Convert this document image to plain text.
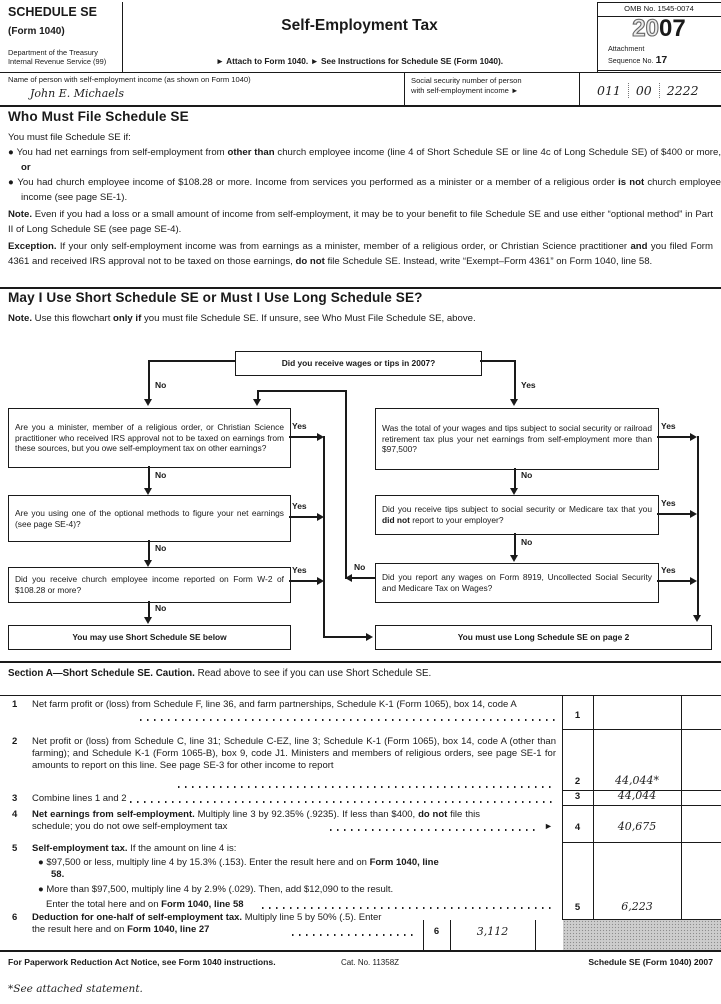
SCHEDULE SE
(Form 1040)
Department of the Treasury
Internal Revenue Service (99)
Self-Employment Tax
► Attach to Form 1040. ► See Instructions for Schedule SE (Form 1040).
OMB No. 1545-0074
2007
Attachment
Sequence No. 17
Name of person with self-employment income (as shown on Form 1040)
John E. Michaels
Social security number of person
with self-employment income ►	011	00	2222
Who Must File Schedule SE
You must file Schedule SE if:
● You had net earnings from self-employment from other than church employee income (line 4 of Short Schedule SE or line 4c of Long Schedule SE) of $400 or more, or
● You had church employee income of $108.28 or more. Income from services you performed as a minister or a member of a religious order is not church employee income (see page SE-1).
Note. Even if you had a loss or a small amount of income from self-employment, it may be to your benefit to file Schedule SE and use either “optional method” in Part II of Long Schedule SE (see page SE-4).
Exception. If your only self-employment income was from earnings as a minister, member of a religious order, or Christian Science practitioner and you filed Form 4361 and received IRS approval not to be taxed on those earnings, do not file Schedule SE. Instead, write “Exempt–Form 4361” on Form 1040, line 58.
May I Use Short Schedule SE or Must I Use Long Schedule SE?
Note. Use this flowchart only if you must file Schedule SE. If unsure, see Who Must File Schedule SE, above.
Did you receive wages or tips in 2007?
Are you a minister, member of a religious order, or Christian Science practitioner who received IRS approval not to be taxed on earnings from these sources, but you owe self-employment tax on other earnings?
Are you using one of the optional methods to figure your net earnings (see page SE-4)?
Did you receive church employee income reported on Form W-2 of $108.28 or more?
You may use Short Schedule SE below
Was the total of your wages and tips subject to social security or railroad retirement tax plus your net earnings from self-employment more than $97,500?
Did you receive tips subject to social security or Medicare tax that you did not report to your employer?
Did you report any wages on Form 8919, Uncollected Social Security and Medicare Tax on Wages?
You must use Long Schedule SE on page 2
No	Yes
No
No
No
No
No
No
Yes
Yes
Yes
Yes
Yes
Yes
Section A—Short Schedule SE. Caution. Read above to see if you can use Short Schedule SE.
1 Net farm profit or (loss) from Schedule F, line 36, and farm partnerships, Schedule K-1 (Form 1065), box 14, code A
1
2 Net profit or (loss) from Schedule C, line 31; Schedule C-EZ, line 3; Schedule K-1 (Form 1065), box 14, code A (other than farming); and Schedule K-1 (Form 1065-B), box 9, code J1. Ministers and members of religious orders, see page SE-1 for amounts to report on this line. See page SE-3 for other income to report
2	44,044*
3 Combine lines 1 and 2	3	44,044
4 Net earnings from self-employment. Multiply line 3 by 92.35% (.9235). If less than $400, do not file this schedule; you do not owe self-employment tax	►	4	40,675
5 Self-employment tax. If the amount on line 4 is:
● $97,500 or less, multiply line 4 by 15.3% (.153). Enter the result here and on Form 1040, line 58.
● More than $97,500, multiply line 4 by 2.9% (.029). Then, add $12,090 to the result.
Enter the total here and on Form 1040, line 58	5	6,223
6 Deduction for one-half of self-employment tax. Multiply line 5 by 50% (.5). Enter the result here and on Form 1040, line 27	6	3,112
For Paperwork Reduction Act Notice, see Form 1040 instructions.	Cat. No. 11358Z	Schedule SE (Form 1040) 2007
*See attached statement.
